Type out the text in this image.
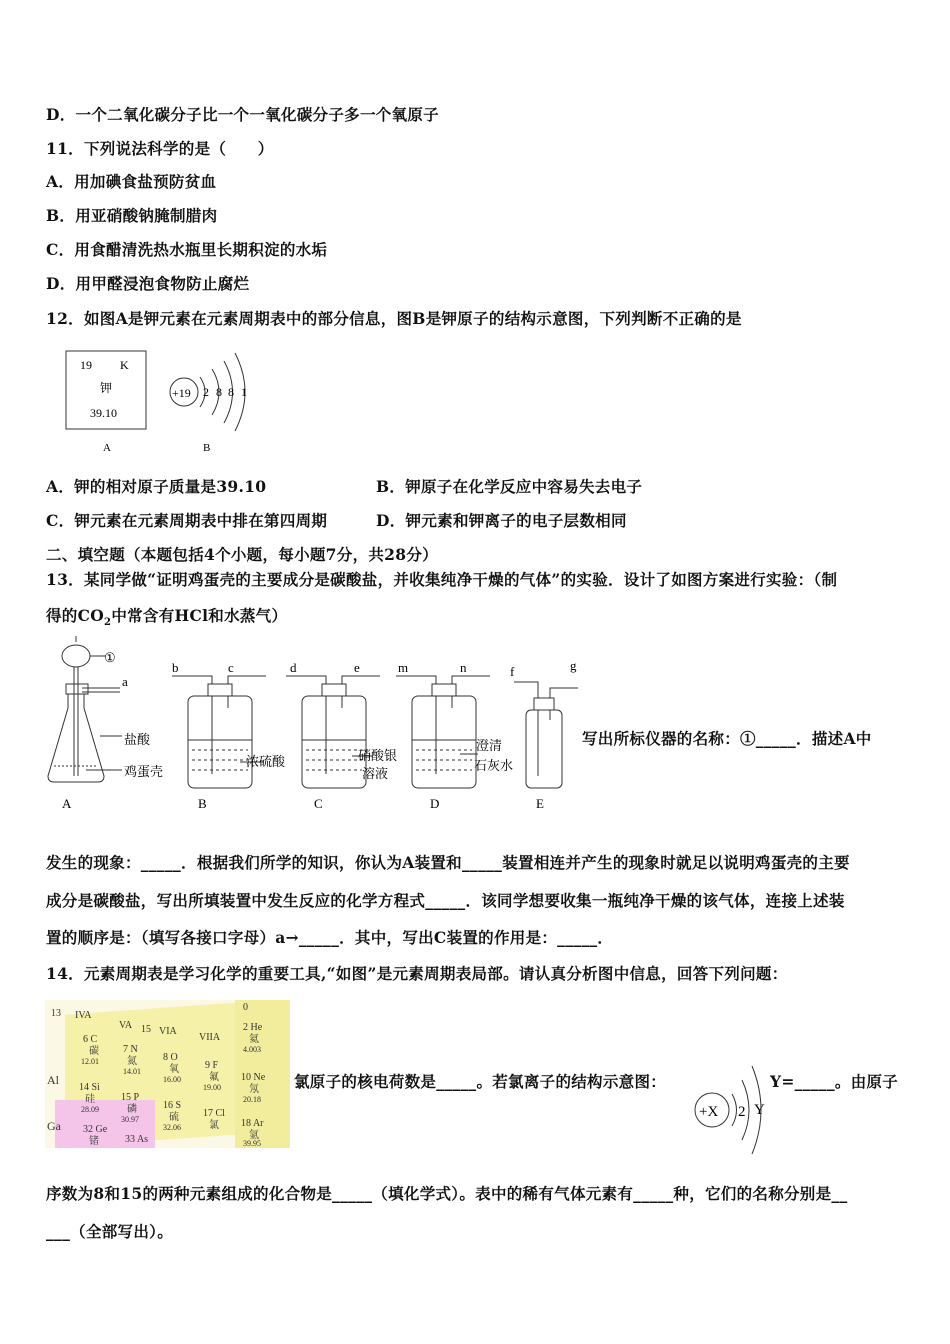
D．一个二氧化碳分子比一个一氧化碳分子多一个氧原子
11．下列说法科学的是（　　）
A．用加碘食盐预防贫血
B．用亚硝酸钠腌制腊肉
C．用食醋清洗热水瓶里长期积淀的水垢
D．用甲醛浸泡食物防止腐烂
12．如图A是钾元素在元素周期表中的部分信息，图B是钾原子的结构示意图，下列判断不正确的是
19 K
钾
39.10
A
+19 2 8 8 1
B
A．钾的相对原子质量是39.10	B．钾原子在化学反应中容易失去电子
C．钾元素在元素周期表中排在第四周期	D．钾元素和钾离子的电子层数相同
二、填空题（本题包括4个小题，每小题7分，共28分）
13．某同学做“证明鸡蛋壳的主要成分是碳酸盐，并收集纯净干燥的气体”的实验．设计了如图方案进行实验：（制
得的$CO_2$中常含有HCl和水蒸气）
①
a
盐酸
鸡蛋壳
A
b	c
浓硫酸
B
d	e
硝酸银
溶液
C
m	n
澄清
石灰水
D
f	g
E
写出所标仪器的名称：①_____．描述A中
发生的现象：_____．根据我们所学的知识，你认为A装置和_____装置相连并产生的现象时就足以说明鸡蛋壳的主要
成分是碳酸盐，写出所填装置中发生反应的化学方程式_____．该同学想要收集一瓶纯净干燥的该气体，连接上述装
置的顺序是：（填写各接口字母）a→_____．其中，写出C装置的作用是：_____．
14．元素周期表是学习化学的重要工具,“如图”是元素周期表局部。请认真分析图中信息，回答下列问题：
13 IVA
VA 15 VIA
VIIA
0
6 C
碳
12.01
7 N
氮
14.01
8 O
氧
16.00
9 F
氟
19.00
2 He
氦
4.003
10 Ne
氖
20.18
14 Si
硅
28.09
15 P
磷
30.97
16 S
硫
32.06
17 Cl
氯 18 Ar
氩
39.95
Al
Ga 32 Ge
锗	33 As
氯原子的核电荷数是_____。若氯离子的结构示意图：
+X 2 Y
Y=_____。由原子
序数为8和15的两种元素组成的化合物是_____（填化学式）。表中的稀有气体元素有_____种，它们的名称分别是__
___（全部写出）。
